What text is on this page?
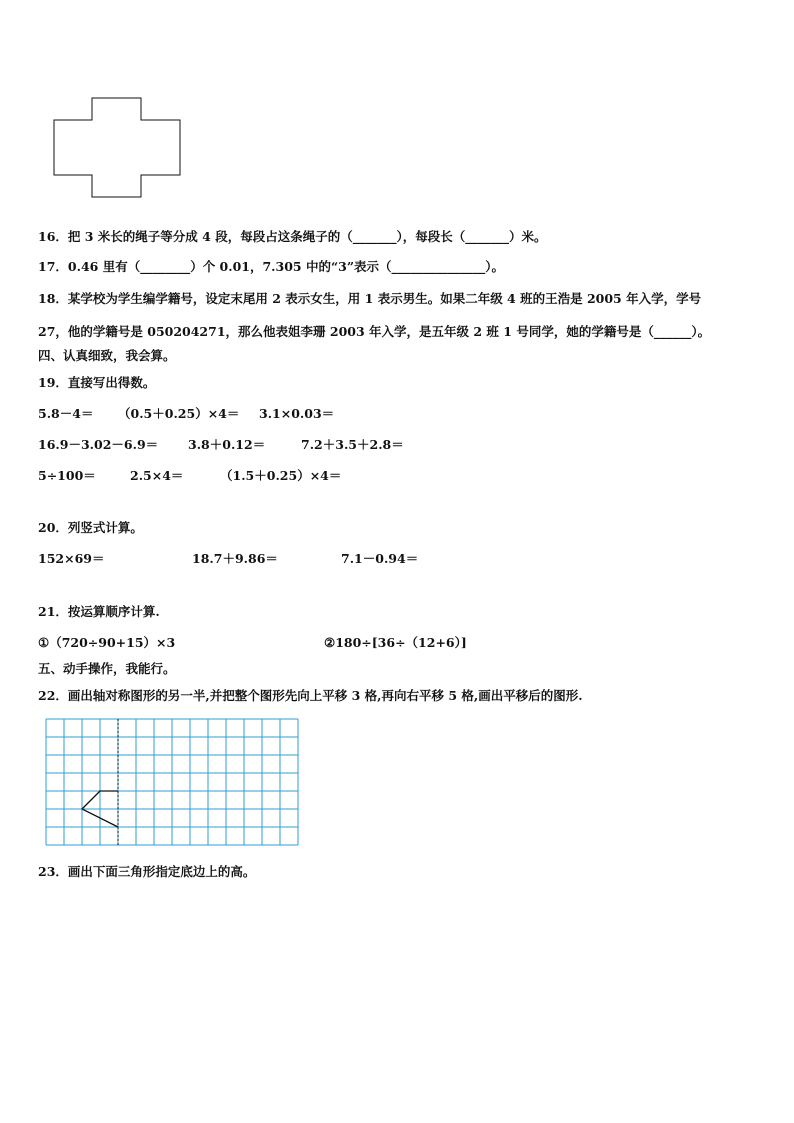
16．把 3 米长的绳子等分成 4 段，每段占这条绳子的（_______），每段长（_______）米。
17．0.46 里有（________）个 0.01，7.305 中的“3”表示（_______________）。
18．某学校为学生编学籍号，设定末尾用 2 表示女生，用 1 表示男生。如果二年级 4 班的王浩是 2005 年入学，学号
27，他的学籍号是 050204271，那么他表姐李珊 2003 年入学，是五年级 2 班 1 号同学，她的学籍号是（______）。
四、认真细致，我会算。
19．直接写出得数。
5.8－4＝ （0.5＋0.25）×4＝ 3.1×0.03＝
16.9－3.02－6.9＝ 3.8＋0.12＝	7.2＋3.5＋2.8＝
5÷100＝	2.5×4＝	（1.5＋0.25）×4＝
20．列竖式计算。
152×69＝	18.7＋9.86＝	7.1－0.94＝
21．按运算顺序计算.
①（720÷90+15）×3	②180÷[36÷（12+6）]
五、动手操作，我能行。
22．画出轴对称图形的另一半,并把整个图形先向上平移 3 格,再向右平移 5 格,画出平移后的图形.
23．画出下面三角形指定底边上的高。
